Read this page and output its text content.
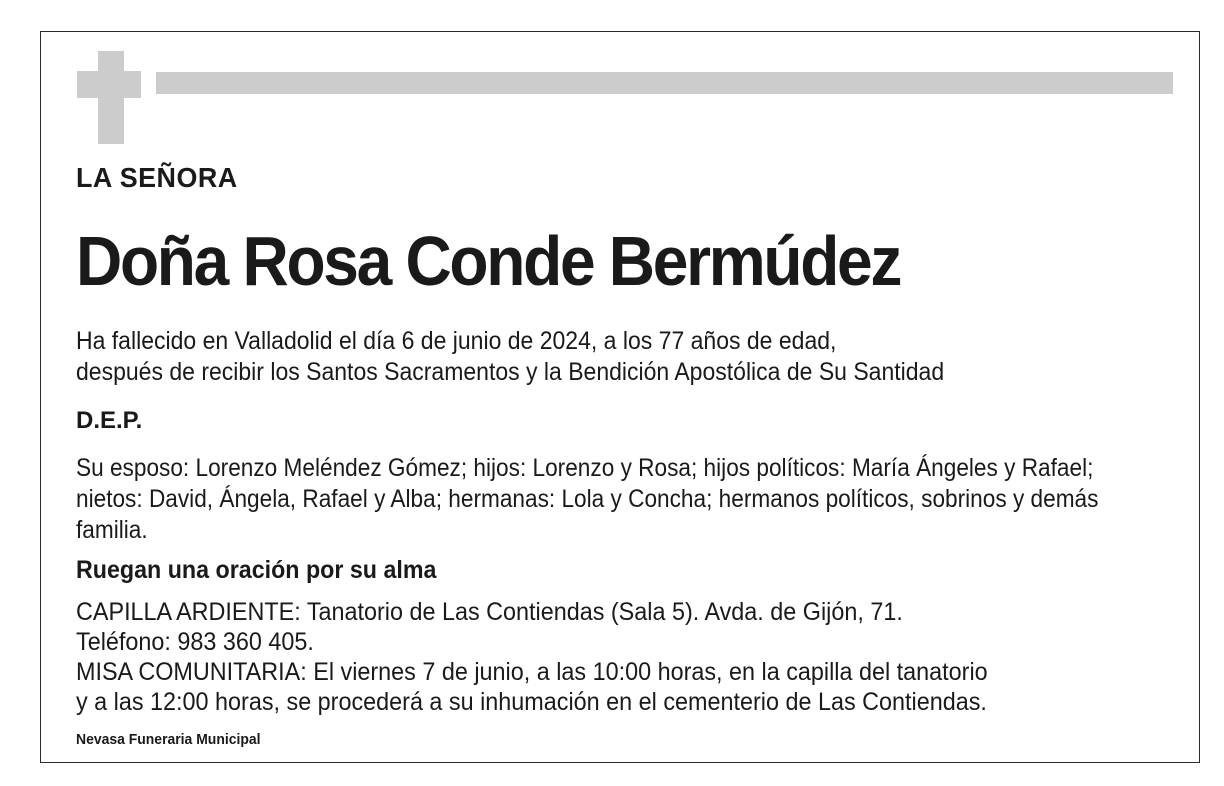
LA SEÑORA
Doña Rosa Conde Bermúdez
Ha fallecido en Valladolid el día 6 de junio de 2024, a los 77 años de edad,
después de recibir los Santos Sacramentos y la Bendición Apostólica de Su Santidad
D.E.P.
Su esposo: Lorenzo Meléndez Gómez; hijos: Lorenzo y Rosa; hijos políticos: María Ángeles y Rafael; nietos: David, Ángela, Rafael y Alba; hermanas: Lola y Concha; hermanos políticos, sobrinos y demás familia.
Ruegan una oración por su alma
CAPILLA ARDIENTE: Tanatorio de Las Contiendas (Sala 5). Avda. de Gijón, 71.
Teléfono: 983 360 405.
MISA COMUNITARIA: El viernes 7 de junio, a las 10:00 horas, en la capilla del tanatorio
y a las 12:00 horas, se procederá a su inhumación en el cementerio de Las Contiendas.
Nevasa Funeraria Municipal
